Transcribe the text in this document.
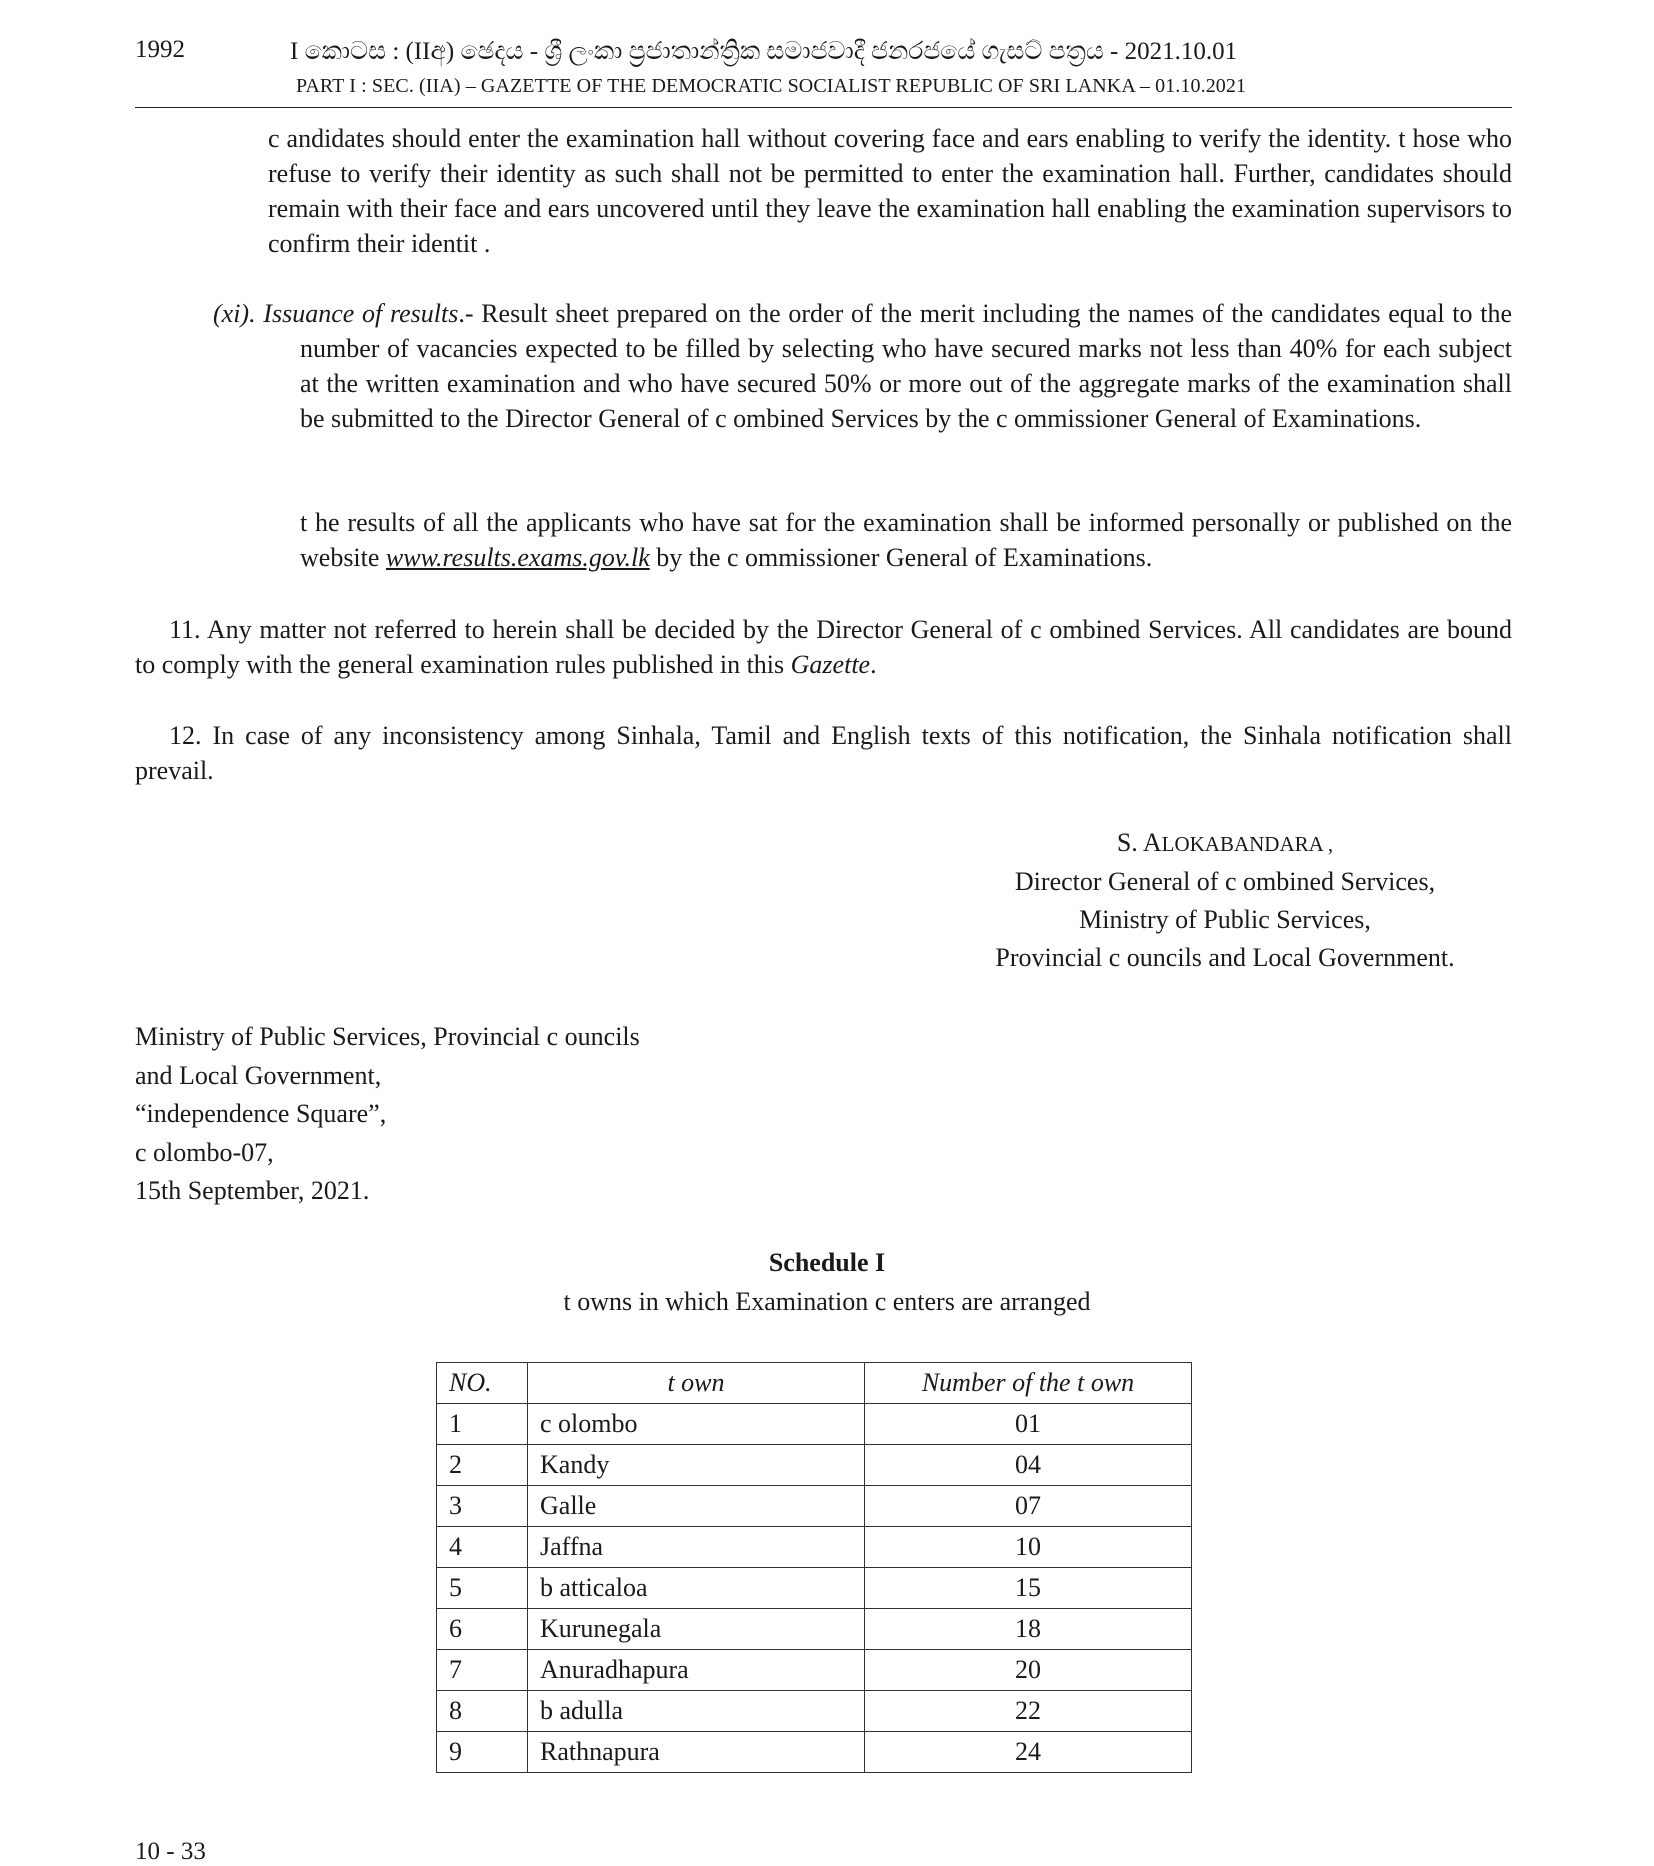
1992	I කොටස : (IIඅ) ඡෙදය - ශ්‍රී ලංකා ප්‍රජාතාන්ත්‍රික සමාජවාදී ජනරජයේ ගැසට් පත්‍රය - 2021.10.01
PART I : SEC. (IIA) – GAZETTE OF THE DEMOCRATIC SOCIALIST REPUBLIC OF SRI LANKA – 01.10.2021
c andidates should enter the examination hall without covering face and ears enabling to verify the identity. t hose who refuse to verify their identity as such shall not be permitted to enter the examination hall. Further, candidates should remain with their face and ears uncovered until they leave the examination hall enabling the examination supervisors to confirm their identit .
(xi). Issuance of results.- Result sheet prepared on the order of the merit including the names of the candidates equal to the number of vacancies expected to be filled by selecting who have secured marks not less than 40% for each subject at the written examination and who have secured 50% or more out of the aggregate marks of the examination shall be submitted to the Director General of c ombined Services by the c ommissioner General of Examinations.
t he results of all the applicants who have sat for the examination shall be informed personally or published on the website www.results.exams.gov.lk by the c ommissioner General of Examinations.
11. Any matter not referred to herein shall be decided by the Director General of c ombined Services. All candidates are bound to comply with the general examination rules published in this Gazette.
12. In case of any inconsistency among Sinhala, Tamil and English texts of this notification, the Sinhala notification shall prevail.
S. ALOKABANDARA ,
Director General of c ombined Services,
Ministry of Public Services,
Provincial c ouncils and Local Government.
Ministry of Public Services, Provincial c ouncils
and Local Government,
“independence Square”,
c olombo-07,
15th September, 2021.
Schedule I
t owns in which Examination c enters are arranged
NO.	t own	Number of the t own
1	c olombo	01
2	Kandy	04
3	Galle	07
4	Jaffna	10
5	b atticaloa	15
6	Kurunegala	18
7	Anuradhapura	20
8	b adulla	22
9	Rathnapura	24
10 - 33
